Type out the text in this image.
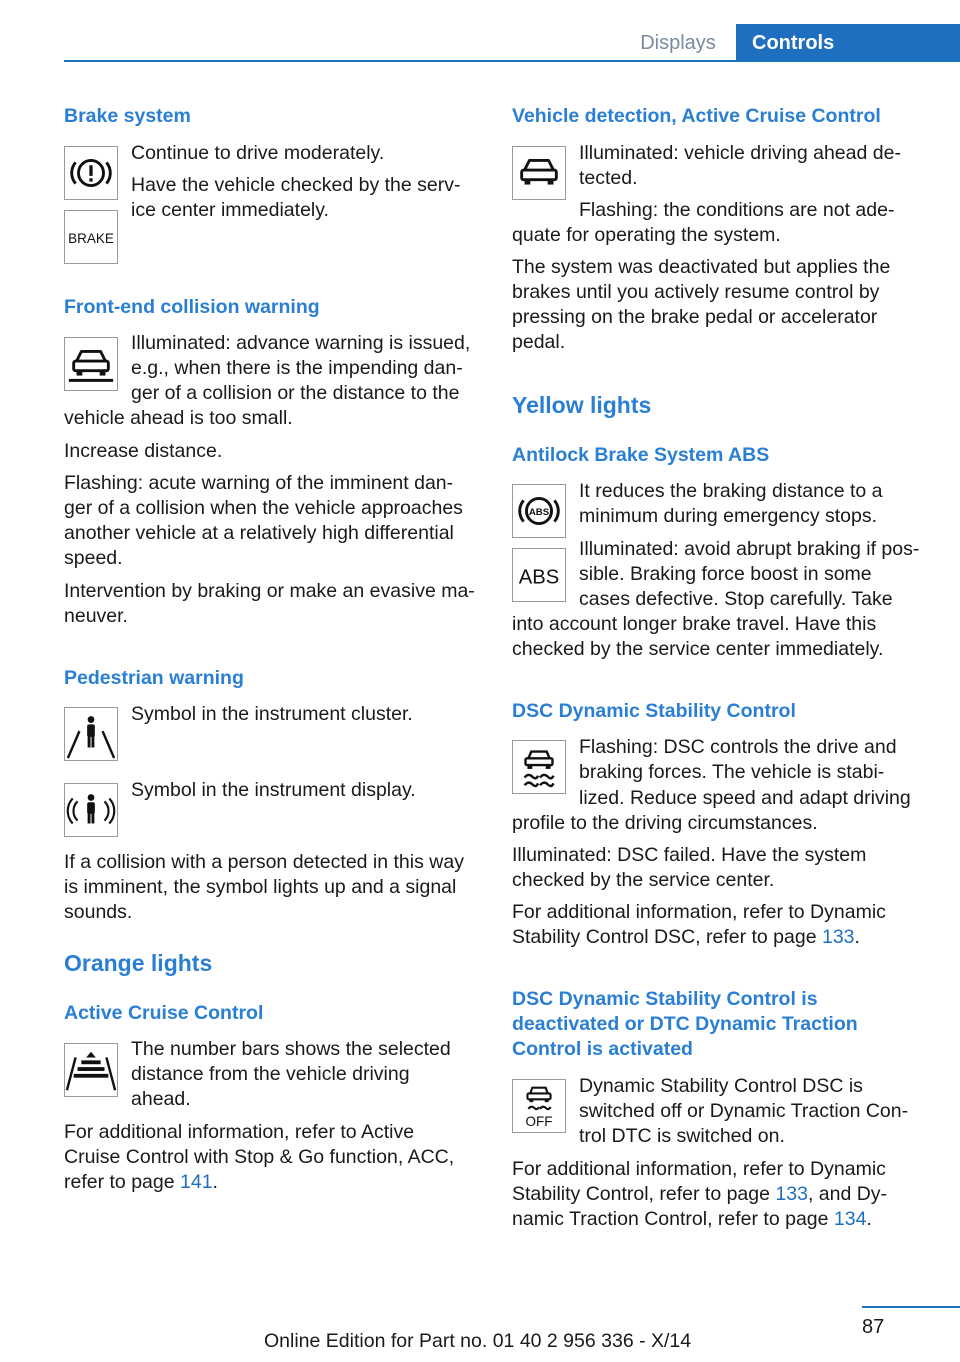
Displays	Controls
Brake system
BRAKE
Continue to drive moderately.
Have the vehicle checked by the serv-
ice center immediately.
Front-end collision warning
Illuminated: advance warning is issued,
e.g., when there is the impending dan-
ger of a collision or the distance to the
vehicle ahead is too small.
Increase distance.
Flashing: acute warning of the imminent dan-
ger of a collision when the vehicle approaches
another vehicle at a relatively high differential
speed.
Intervention by braking or make an evasive ma-
neuver.
Pedestrian warning
Symbol in the instrument cluster.
Symbol in the instrument display.
If a collision with a person detected in this way
is imminent, the symbol lights up and a signal
sounds.
Orange lights
Active Cruise Control
The number bars shows the selected
distance from the vehicle driving
ahead.
For additional information, refer to Active
Cruise Control with Stop & Go function, ACC,
refer to page 141.
Vehicle detection, Active Cruise Control
Illuminated: vehicle driving ahead de-
tected.
Flashing: the conditions are not ade-
quate for operating the system.
The system was deactivated but applies the
brakes until you actively resume control by
pressing on the brake pedal or accelerator
pedal.
Yellow lights
Antilock Brake System ABS
ABS
ABS
It reduces the braking distance to a
minimum during emergency stops.
Illuminated: avoid abrupt braking if pos-
sible. Braking force boost in some
cases defective. Stop carefully. Take
into account longer brake travel. Have this
checked by the service center immediately.
DSC Dynamic Stability Control
Flashing: DSC controls the drive and
braking forces. The vehicle is stabi-
lized. Reduce speed and adapt driving
profile to the driving circumstances.
Illuminated: DSC failed. Have the system
checked by the service center.
For additional information, refer to Dynamic
Stability Control DSC, refer to page 133.
DSC Dynamic Stability Control is
deactivated or DTC Dynamic Traction
Control is activated
OFF
Dynamic Stability Control DSC is
switched off or Dynamic Traction Con-
trol DTC is switched on.
For additional information, refer to Dynamic
Stability Control, refer to page 133, and Dy-
namic Traction Control, refer to page 134.
87
Online Edition for Part no. 01 40 2 956 336 - X/14
